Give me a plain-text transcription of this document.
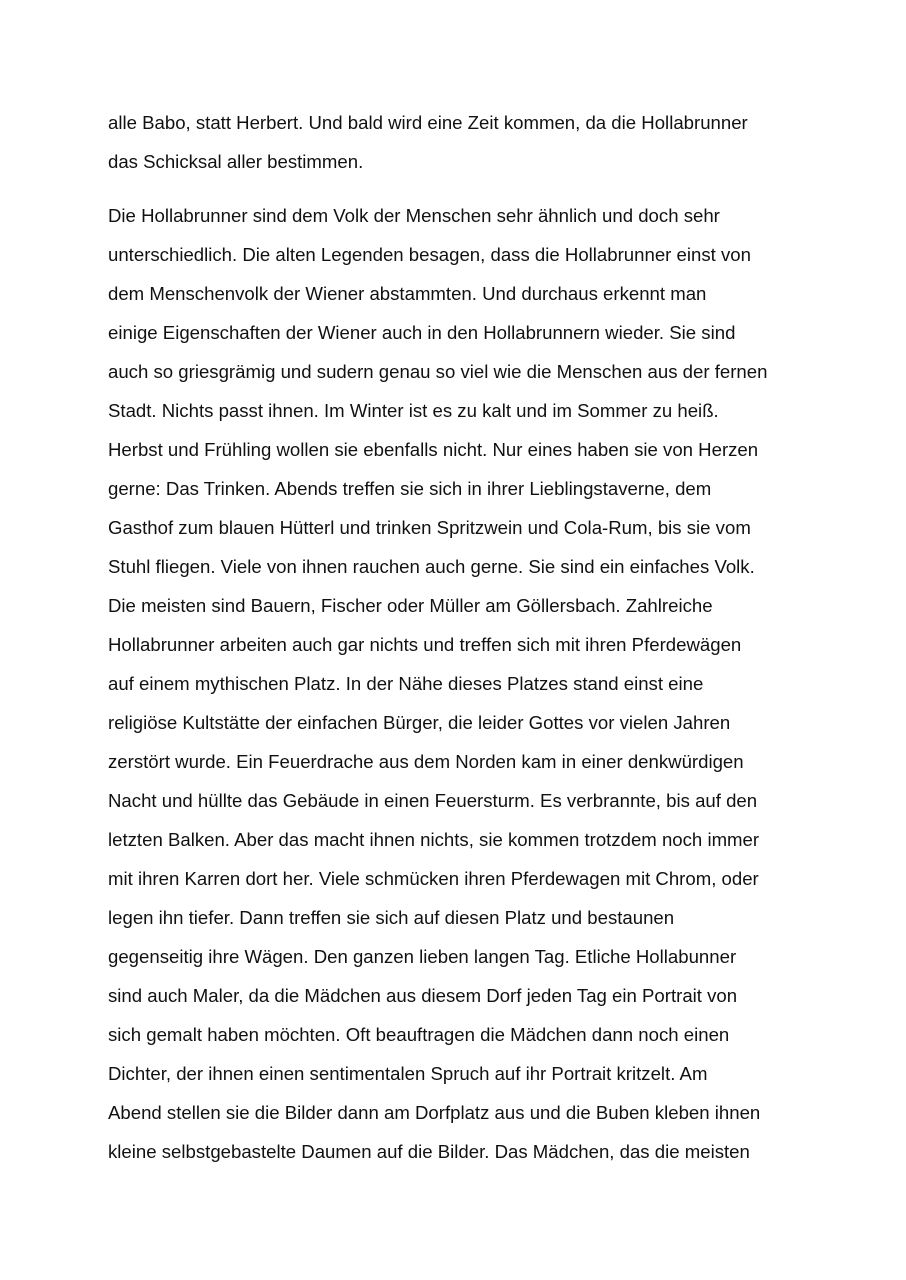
alle Babo, statt Herbert. Und bald wird eine Zeit kommen, da die Hollabrunner
das Schicksal aller bestimmen.

Die Hollabrunner sind dem Volk der Menschen sehr ähnlich und doch sehr
unterschiedlich. Die alten Legenden besagen, dass die Hollabrunner einst von
dem Menschenvolk der Wiener abstammten. Und durchaus erkennt man
einige Eigenschaften der Wiener auch in den Hollabrunnern wieder. Sie sind
auch so griesgrämig und sudern genau so viel wie die Menschen aus der fernen
Stadt. Nichts passt ihnen. Im Winter ist es zu kalt und im Sommer zu heiß.
Herbst und Frühling wollen sie ebenfalls nicht. Nur eines haben sie von Herzen
gerne: Das Trinken. Abends treffen sie sich in ihrer Lieblingstaverne, dem
Gasthof zum blauen Hütterl und trinken Spritzwein und Cola-Rum, bis sie vom
Stuhl fliegen. Viele von ihnen rauchen auch gerne. Sie sind ein einfaches Volk.
Die meisten sind Bauern, Fischer oder Müller am Göllersbach. Zahlreiche
Hollabrunner arbeiten auch gar nichts und treffen sich mit ihren Pferdewägen
auf einem mythischen Platz. In der Nähe dieses Platzes stand einst eine
religiöse Kultstätte der einfachen Bürger, die leider Gottes vor vielen Jahren
zerstört wurde. Ein Feuerdrache aus dem Norden kam in einer denkwürdigen
Nacht und hüllte das Gebäude in einen Feuersturm. Es verbrannte, bis auf den
letzten Balken. Aber das macht ihnen nichts, sie kommen trotzdem noch immer
mit ihren Karren dort her. Viele schmücken ihren Pferdewagen mit Chrom, oder
legen ihn tiefer. Dann treffen sie sich auf diesen Platz und bestaunen
gegenseitig ihre Wägen. Den ganzen lieben langen Tag. Etliche Hollabunner
sind auch Maler, da die Mädchen aus diesem Dorf jeden Tag ein Portrait von
sich gemalt haben möchten. Oft beauftragen die Mädchen dann noch einen
Dichter, der ihnen einen sentimentalen Spruch auf ihr Portrait kritzelt. Am
Abend stellen sie die Bilder dann am Dorfplatz aus und die Buben kleben ihnen
kleine selbstgebastelte Daumen auf die Bilder. Das Mädchen, das die meisten
